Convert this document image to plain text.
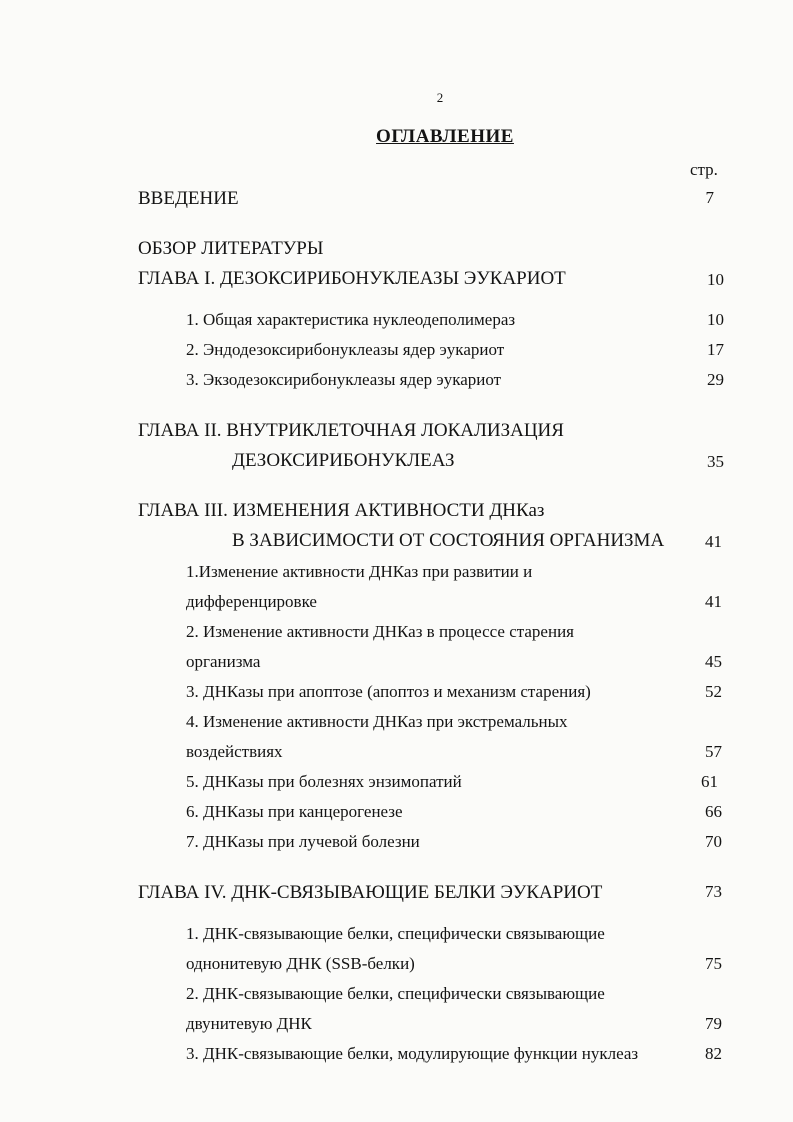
2
ОГЛАВЛЕНИЕ
стр.
ВВЕДЕНИЕ	7
ОБЗОР ЛИТЕРАТУРЫ
ГЛАВА I. ДЕЗОКСИРИБОНУКЛЕАЗЫ ЭУКАРИОТ	10
1. Общая характеристика нуклеодеполимераз	10
2. Эндодезоксирибонуклеазы ядер эукариот	17
3. Экзодезоксирибонуклеазы ядер эукариот	29
ГЛАВА II. ВНУТРИКЛЕТОЧНАЯ ЛОКАЛИЗАЦИЯ
ДЕЗОКСИРИБОНУКЛЕАЗ	35
ГЛАВА III. ИЗМЕНЕНИЯ АКТИВНОСТИ ДНКаз
В ЗАВИСИМОСТИ ОТ СОСТОЯНИЯ ОРГАНИЗМА	41
1.Изменение активности ДНКаз при развитии и
дифференцировке	41
2. Изменение активности ДНКаз в процессе старения
организма	45
3. ДНКазы при апоптозе (апоптоз и механизм старения)	52
4. Изменение активности ДНКаз при экстремальных
воздействиях	57
5. ДНКазы при болезнях энзимопатий	61
6. ДНКазы при канцерогенезе	66
7. ДНКазы при лучевой болезни	70
ГЛАВА IV. ДНК-СВЯЗЫВАЮЩИЕ БЕЛКИ ЭУКАРИОТ	73
1. ДНК-связывающие белки, специфически связывающие
однонитевую ДНК (SSB-белки)	75
2. ДНК-связывающие белки, специфически связывающие
двунитевую ДНК	79
3. ДНК-связывающие белки, модулирующие функции нуклеаз	82
